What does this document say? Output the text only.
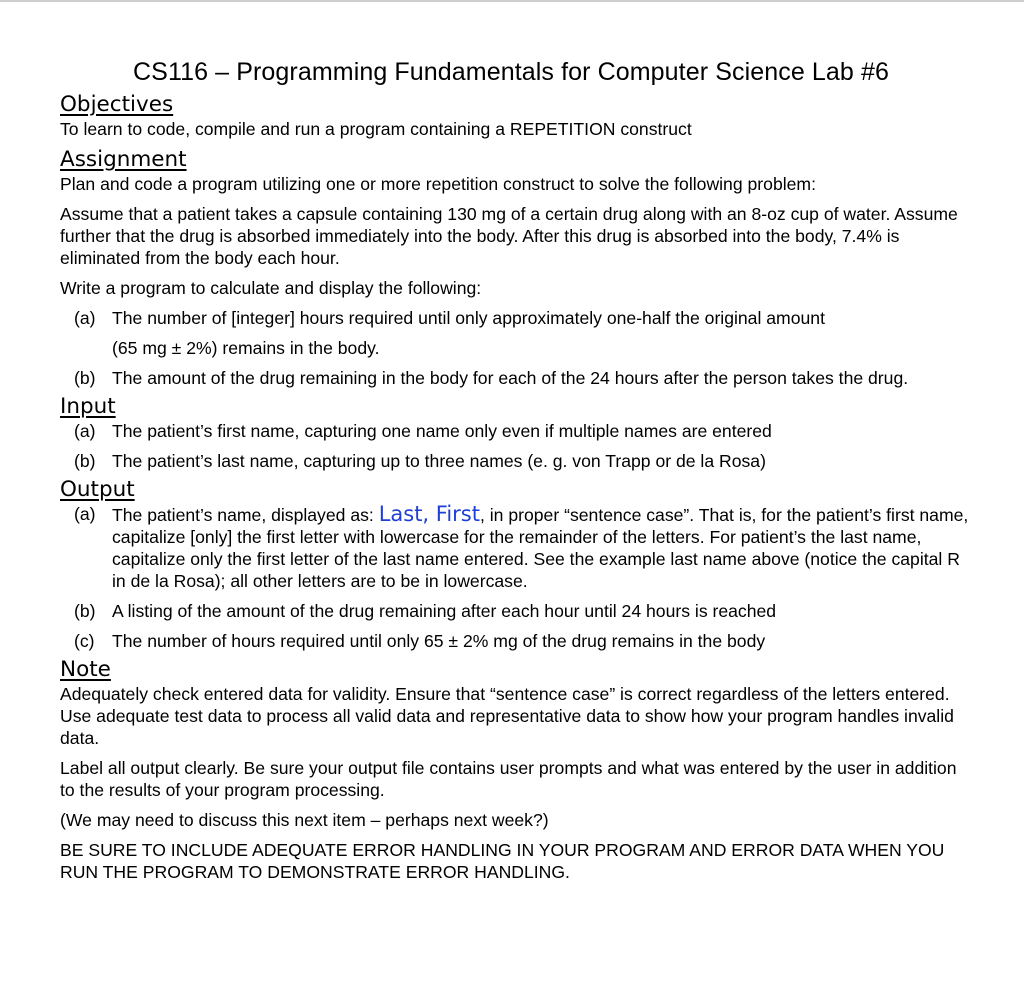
CS116 – Programming Fundamentals for Computer Science Lab #6
Objectives

To learn to code, compile and run a program containing a REPETITION construct

Assignment

Plan and code a program utilizing one or more repetition construct to solve the following problem:

Assume that a patient takes a capsule containing 130 mg of a certain drug along with an 8-oz cup of water. Assume further that the drug is absorbed immediately into the body. After this drug is absorbed into the body, 7.4% is eliminated from the body each hour.

Write a program to calculate and display the following:

(a) The number of [integer] hours required until only approximately one-half the original amount
(65 mg ± 2%) remains in the body.
(b) The amount of the drug remaining in the body for each of the 24 hours after the person takes the drug.
Input
(a) The patient’s first name, capturing one name only even if multiple names are entered
(b) The patient’s last name, capturing up to three names (e. g. von Trapp or de la Rosa)
Output
(a) The patient’s name, displayed as: Last, First, in proper “sentence case”. That is, for the patient’s first name, capitalize [only] the first letter with lowercase for the remainder of the letters. For patient’s the last name, capitalize only the first letter of the last name entered. See the example last name above (notice the capital R in de la Rosa); all other letters are to be in lowercase.
(b) A listing of the amount of the drug remaining after each hour until 24 hours is reached
(c) The number of hours required until only 65 ± 2% mg of the drug remains in the body
Note

Adequately check entered data for validity. Ensure that “sentence case” is correct regardless of the letters entered. Use adequate test data to process all valid data and representative data to show how your program handles invalid data.

Label all output clearly. Be sure your output file contains user prompts and what was entered by the user in addition to the results of your program processing.

(We may need to discuss this next item – perhaps next week?)

BE SURE TO INCLUDE ADEQUATE ERROR HANDLING IN YOUR PROGRAM AND ERROR DATA WHEN YOU RUN THE PROGRAM TO DEMONSTRATE ERROR HANDLING.
